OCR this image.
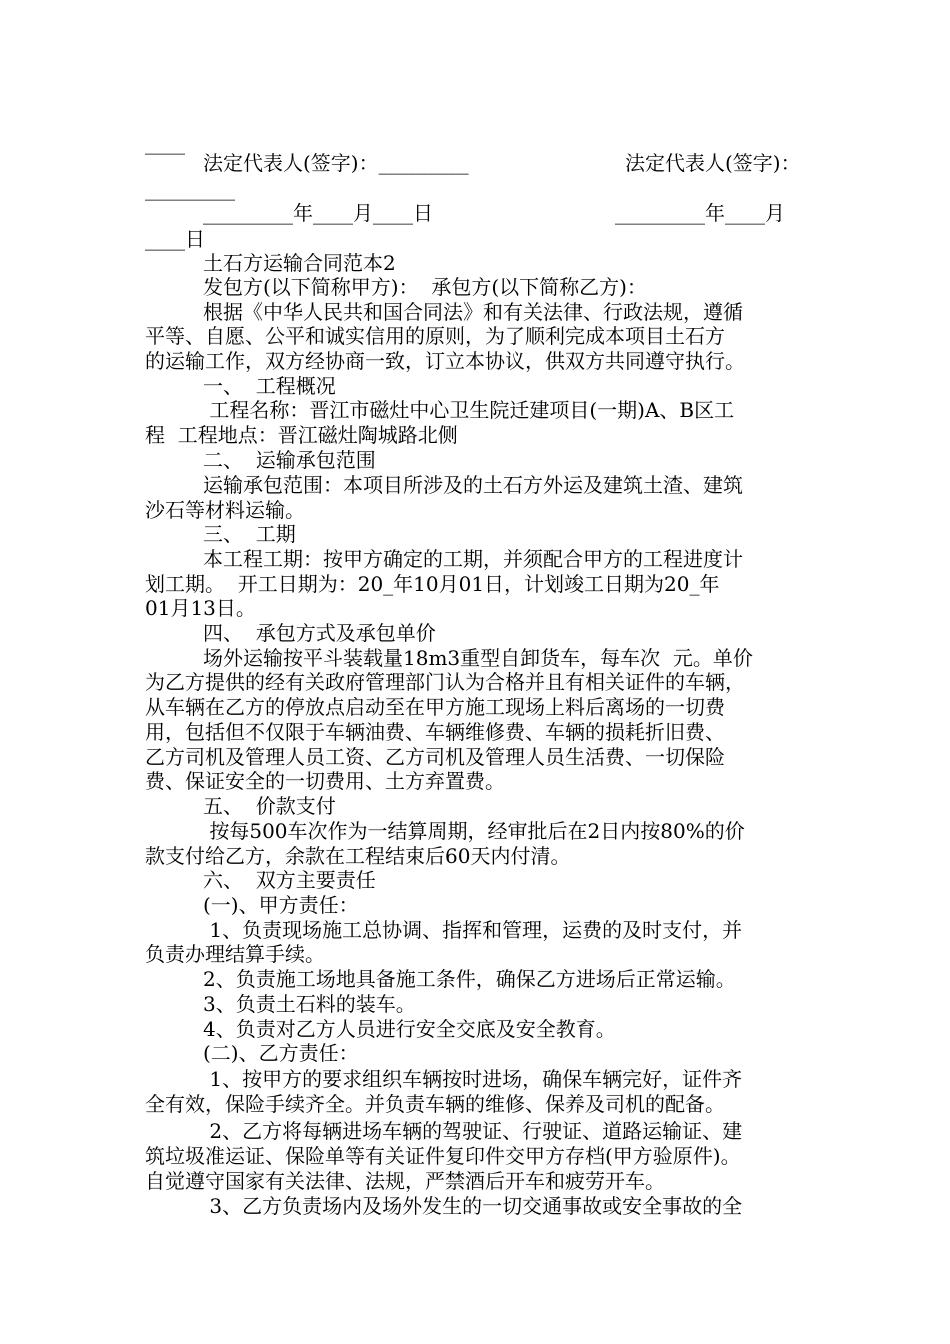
____
法定代表人(签字)：_________	法定代表人(签字)：
_________
_________年____月____日	_________年____月
____日
土石方运输合同范本2
发包方(以下简称甲方)：  承包方(以下简称乙方)：
根据《中华人民共和国合同法》和有关法律、行政法规，遵循
平等、自愿、公平和诚实信用的原则，为了顺利完成本项目土石方
的运输工作，双方经协商一致，订立本协议，供双方共同遵守执行。
一、  工程概况
工程名称：晋江市磁灶中心卫生院迁建项目(一期)A、B区工
程  工程地点：晋江磁灶陶城路北侧
二、  运输承包范围
运输承包范围：本项目所涉及的土石方外运及建筑土渣、建筑
沙石等材料运输。
三、  工期
本工程工期：按甲方确定的工期，并须配合甲方的工程进度计
划工期。  开工日期为：20_年10月01日，计划竣工日期为20_年
01月13日。
四、  承包方式及承包单价
场外运输按平斗装载量18m3重型自卸货车，每车次  元。单价
为乙方提供的经有关政府管理部门认为合格并且有相关证件的车辆，
从车辆在乙方的停放点启动至在甲方施工现场上料后离场的一切费
用，包括但不仅限于车辆油费、车辆维修费、车辆的损耗折旧费、
乙方司机及管理人员工资、乙方司机及管理人员生活费、一切保险
费、保证安全的一切费用、土方弃置费。
五、  价款支付
按每500车次作为一结算周期，经审批后在2日内按80%的价
款支付给乙方，余款在工程结束后60天内付清。
六、  双方主要责任
(一)、甲方责任：
1、负责现场施工总协调、指挥和管理，运费的及时支付，并
负责办理结算手续。
2、负责施工场地具备施工条件，确保乙方进场后正常运输。
3、负责土石料的装车。
4、负责对乙方人员进行安全交底及安全教育。
(二)、乙方责任：
1、按甲方的要求组织车辆按时进场，确保车辆完好，证件齐
全有效，保险手续齐全。并负责车辆的维修、保养及司机的配备。
2、乙方将每辆进场车辆的驾驶证、行驶证、道路运输证、建
筑垃圾准运证、保险单等有关证件复印件交甲方存档(甲方验原件)。
自觉遵守国家有关法律、法规，严禁酒后开车和疲劳开车。
3、乙方负责场内及场外发生的一切交通事故或安全事故的全
